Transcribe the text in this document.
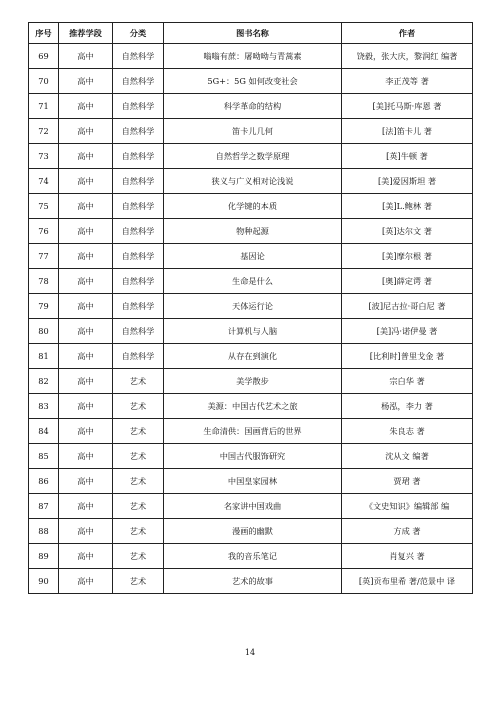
序号	推荐学段	分类	图书名称	作者
69	高中	自然科学	嗡嗡有蔗：屠呦呦与青蒿素	饶毅，张大庆，黎润红 编著
70	高中	自然科学	5G+：5G 如何改变社会	李正茂等 著
71	高中	自然科学	科学革命的结构	[美]托马斯·库恩 著
72	高中	自然科学	笛卡儿几何	[法]笛卡儿 著
73	高中	自然科学	自然哲学之数学原理	[英]牛顿 著
74	高中	自然科学	狭义与广义相对论浅说	[美]爱因斯坦 著
75	高中	自然科学	化学键的本质	[美]L.鲍林 著
76	高中	自然科学	物种起源	[英]达尔文 著
77	高中	自然科学	基因论	[美]摩尔根 著
78	高中	自然科学	生命是什么	[奥]薛定谔 著
79	高中	自然科学	天体运行论	[波]尼古拉·哥白尼 著
80	高中	自然科学	计算机与人脑	[美]冯·诺伊曼 著
81	高中	自然科学	从存在到演化	[比利时]普里戈金 著
82	高中	艺术	美学散步	宗白华 著
83	高中	艺术	美源：中国古代艺术之旅	杨泓，李力 著
84	高中	艺术	生命清供：国画背后的世界	朱良志 著
85	高中	艺术	中国古代服饰研究	沈从文 编著
86	高中	艺术	中国皇家园林	贾珺 著
87	高中	艺术	名家讲中国戏曲	《文史知识》编辑部 编
88	高中	艺术	漫画的幽默	方成 著
89	高中	艺术	我的音乐笔记	肖复兴 著
90	高中	艺术	艺术的故事	[英]贡布里希 著/范景中 译
14
